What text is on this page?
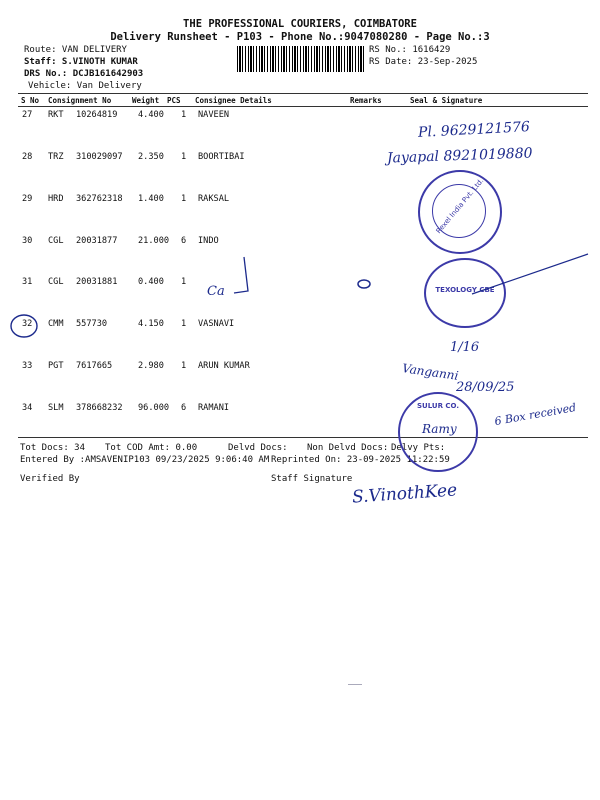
THE PROFESSIONAL COURIERS, COIMBATORE
Delivery Runsheet - P103 - Phone No.:9047080280 - Page No.:3
Route: VAN DELIVERY
Staff: S.VINOTH KUMAR
DRS No.: DCJB161642903
Vehicle: Van Delivery
RS No.: 1616429
RS Date: 23-Sep-2025
S No Consignment No	Weight PCS Consignee Details	Remarks	Seal & Signature
27 RKT 10264819 4.400 1 NAVEEN
28 TRZ 310029097 2.350 1 BOORTIBAI
29 HRD 362762318 1.400 1 RAKSAL
30 CGL 20031877 21.000 6 INDO
31 CGL 20031881 0.400 1
32 CMM 557730	4.150 1 VASNAVI
33 PGT 7617665	2.980 1 ARUN KUMAR
34 SLM 378668232 96.000 6 RAMANI
Tot Docs: 34 Tot COD Amt: 0.00	Delvd Docs: Non Delvd Docs: Delvy Pts:
Entered By :AMSAVENIP103 09/23/2025 9:06:40 AM Reprinted On: 23-09-2025 11:22:59
Verified By	Staff Signature
Pl. 9629121576
Jayapal 8921019880
Rexel India Pvt. Ltd.
Ca	TEXOLOGY CBE
1/16
Vanganni
28/09/25
SULUR CO.
Ramy
6 Box received
S.VinothKee
